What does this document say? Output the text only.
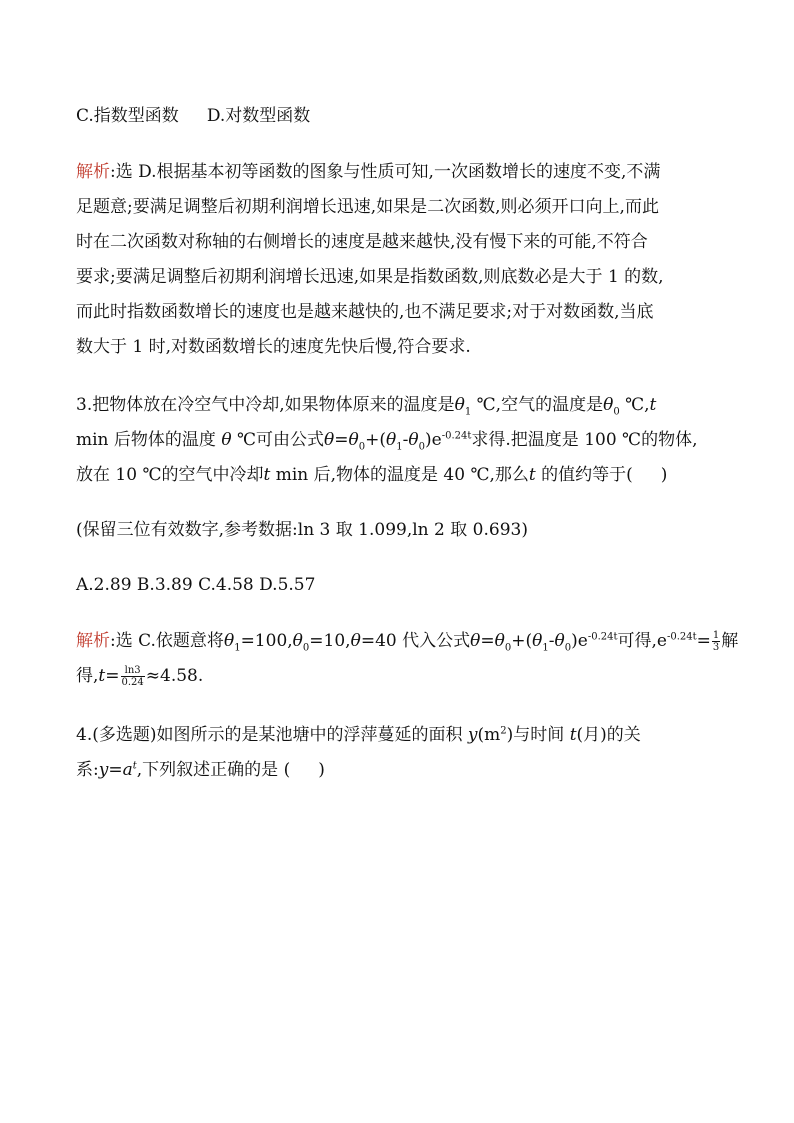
C.指数型函数 D.对数型函数
解析:选 D.根据基本初等函数的图象与性质可知,一次函数增长的速度不变,不满
足题意;要满足调整后初期利润增长迅速,如果是二次函数,则必须开口向上,而此
时在二次函数对称轴的右侧增长的速度是越来越快,没有慢下来的可能,不符合
要求;要满足调整后初期利润增长迅速,如果是指数函数,则底数必是大于 1 的数,
而此时指数函数增长的速度也是越来越快的,也不满足要求;对于对数函数,当底
数大于 1 时,对数函数增长的速度先快后慢,符合要求.
3.把物体放在冷空气中冷却,如果物体原来的温度是$\theta_1$ ℃,空气的温度是$\theta_0$ ℃,t
min 后物体的温度 θ ℃可由公式$\theta=\theta_0+(\theta_1-\theta_0)e^{-0.24t}$求得.把温度是 100 ℃的物体,
放在 10 ℃的空气中冷却t min 后,物体的温度是 40 ℃,那么t 的值约等于( )
(保留三位有效数字,参考数据:ln 3 取 1.099,ln 2 取 0.693)
A.2.89 B.3.89 C.4.58 D.5.57
解析:选 C.依题意将$\theta_1=100,\theta_0=10,\theta=40$ 代入公式$\theta=\theta_0+(\theta_1-\theta_0)e^{-0.24t}$可得$,e^{-0.24t}= \frac{1}{3}$ 解
得$,t= \frac{\ln 3}{0.24} \approx 4.58$.
4.(多选题)如图所示的是某池塘中的浮萍蔓延的面积 $y(m^2)$与时间 t(月)的关
系$:y=a^t$,下列叙述正确的是 ( )
